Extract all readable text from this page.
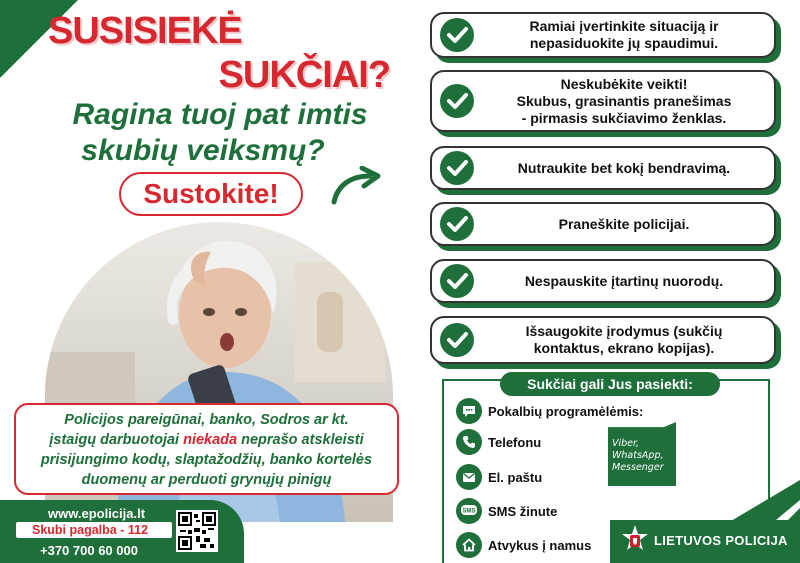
SUSISIEKĖ
SUKČIAI?
Ragina tuoj pat imtis
skubių veiksmų?
Sustokite!
Policijos pareigūnai, banko, Sodros ar kt.
įstaigų darbuotojai niekada neprašo atskleisti
prisijungimo kodų, slaptažodžių, banko kortelės
duomenų ar perduoti grynųjų pinigų
www.epolicija.lt
Skubi pagalba - 112
+370 700 60 000
Ramiai įvertinkite situaciją ir
nepasiduokite jų spaudimui.
Neskubėkite veikti!
Skubus, grasinantis pranešimas
- pirmasis sukčiavimo ženklas.
Nutraukite bet kokį bendravimą.
Praneškite policijai.
Nespauskite įtartinų nuorodų.
Išsaugokite įrodymus (sukčių
kontaktus, ekrano kopijas).
Sukčiai gali Jus pasiekti:
Pokalbių programėlėmis:
Telefonu
El. paštu
SMS SMS žinute
Atvykus į namus
Viber,
WhatsApp,
Messenger
LIETUVOS POLICIJA
